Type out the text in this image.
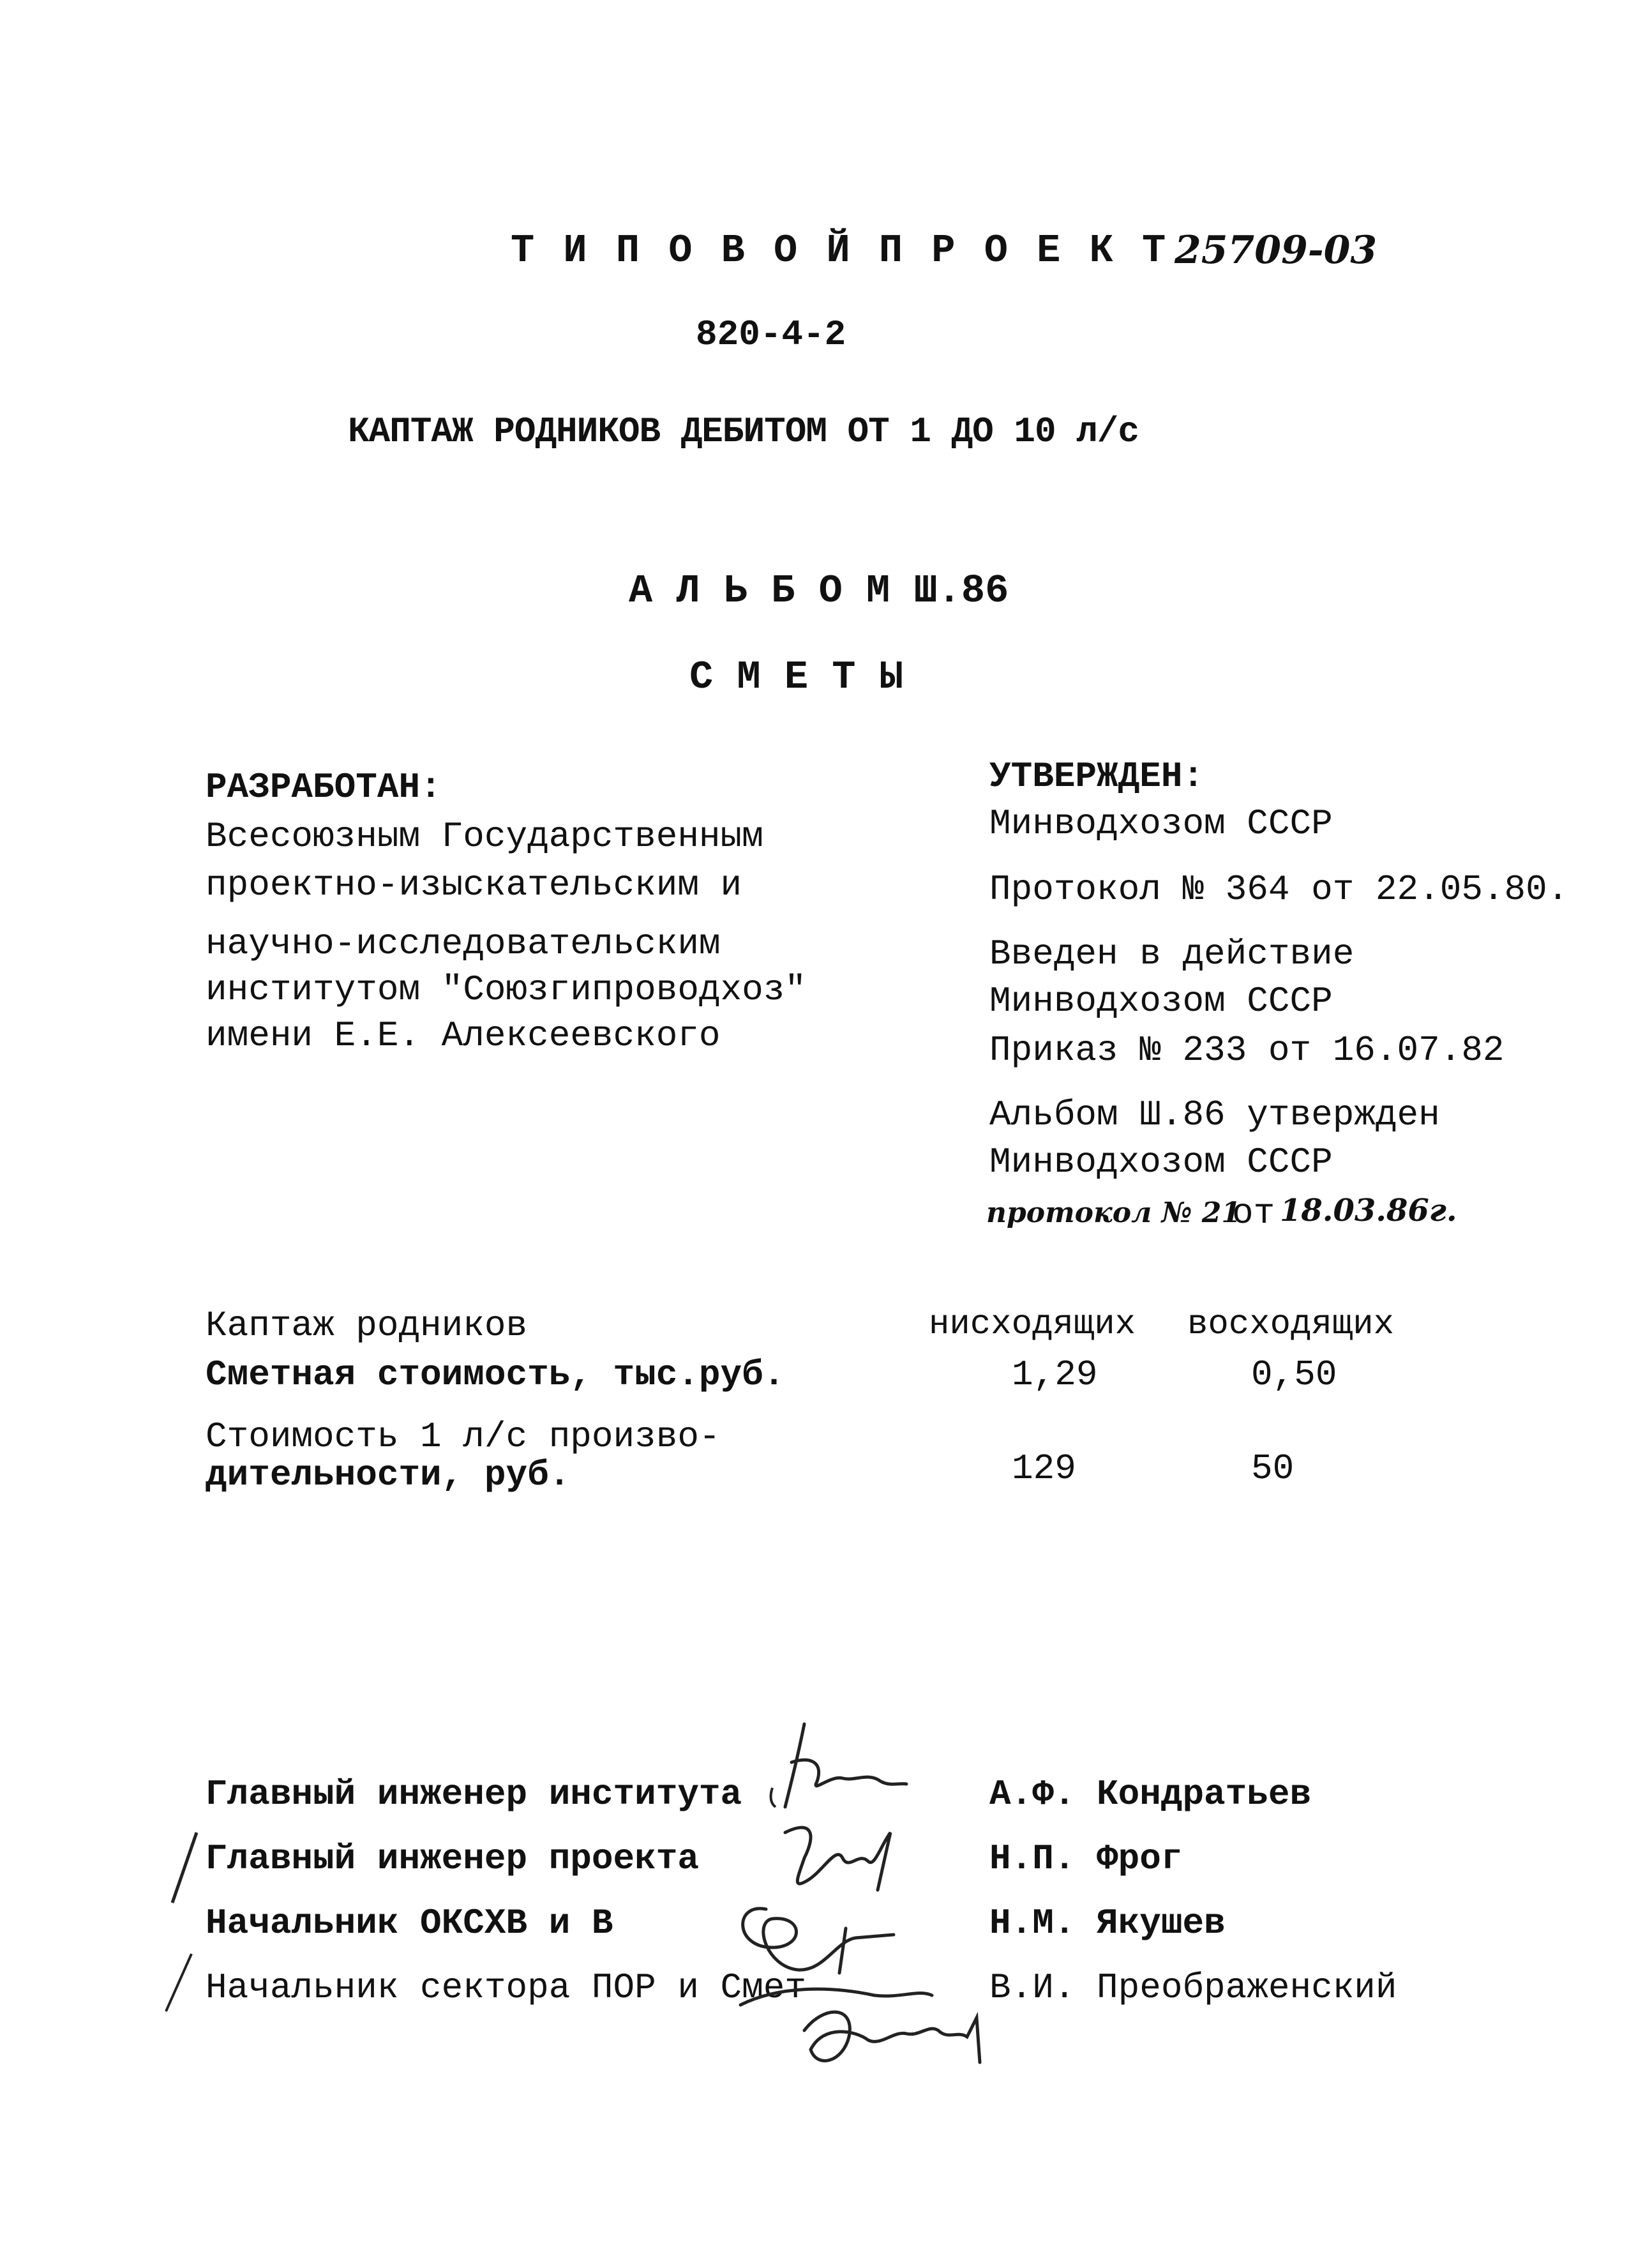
Т И П О В О Й П Р О Е К Т 25709-03
820-4-2
КАПТАЖ РОДНИКОВ ДЕБИТОМ ОТ 1 ДО 10 л/с
А Л Ь Б О М Ш.86
С М Е Т Ы
РАЗРАБОТАН:
Всесоюзным Государственным
проектно-изыскательским и
научно-исследовательским
институтом "Союзгипроводхоз"
имени Е.Е. Алексеевского
УТВЕРЖДЕН:
Минводхозом СССР
Протокол № 364 от 22.05.80.
Введен в действие
Минводхозом СССР
Приказ № 233 от 16.07.82
Альбом Ш.86 утвержден
Минводхозом СССР
протокол № 21
от 18.03.86г.
Каптаж родников	нисходящих восходящих
Сметная стоимость, тыс.руб.	1,29	0,50
Стоимость 1 л/с произво-
дительности, руб.	129	50
Главный инженер института	А.Ф. Кондратьев
Главный инженер проекта	Н.П. Фрог
Начальник ОКСХВ и В	Н.М. Якушев
Начальник сектора ПОР и Смет	В.И. Преображенский
